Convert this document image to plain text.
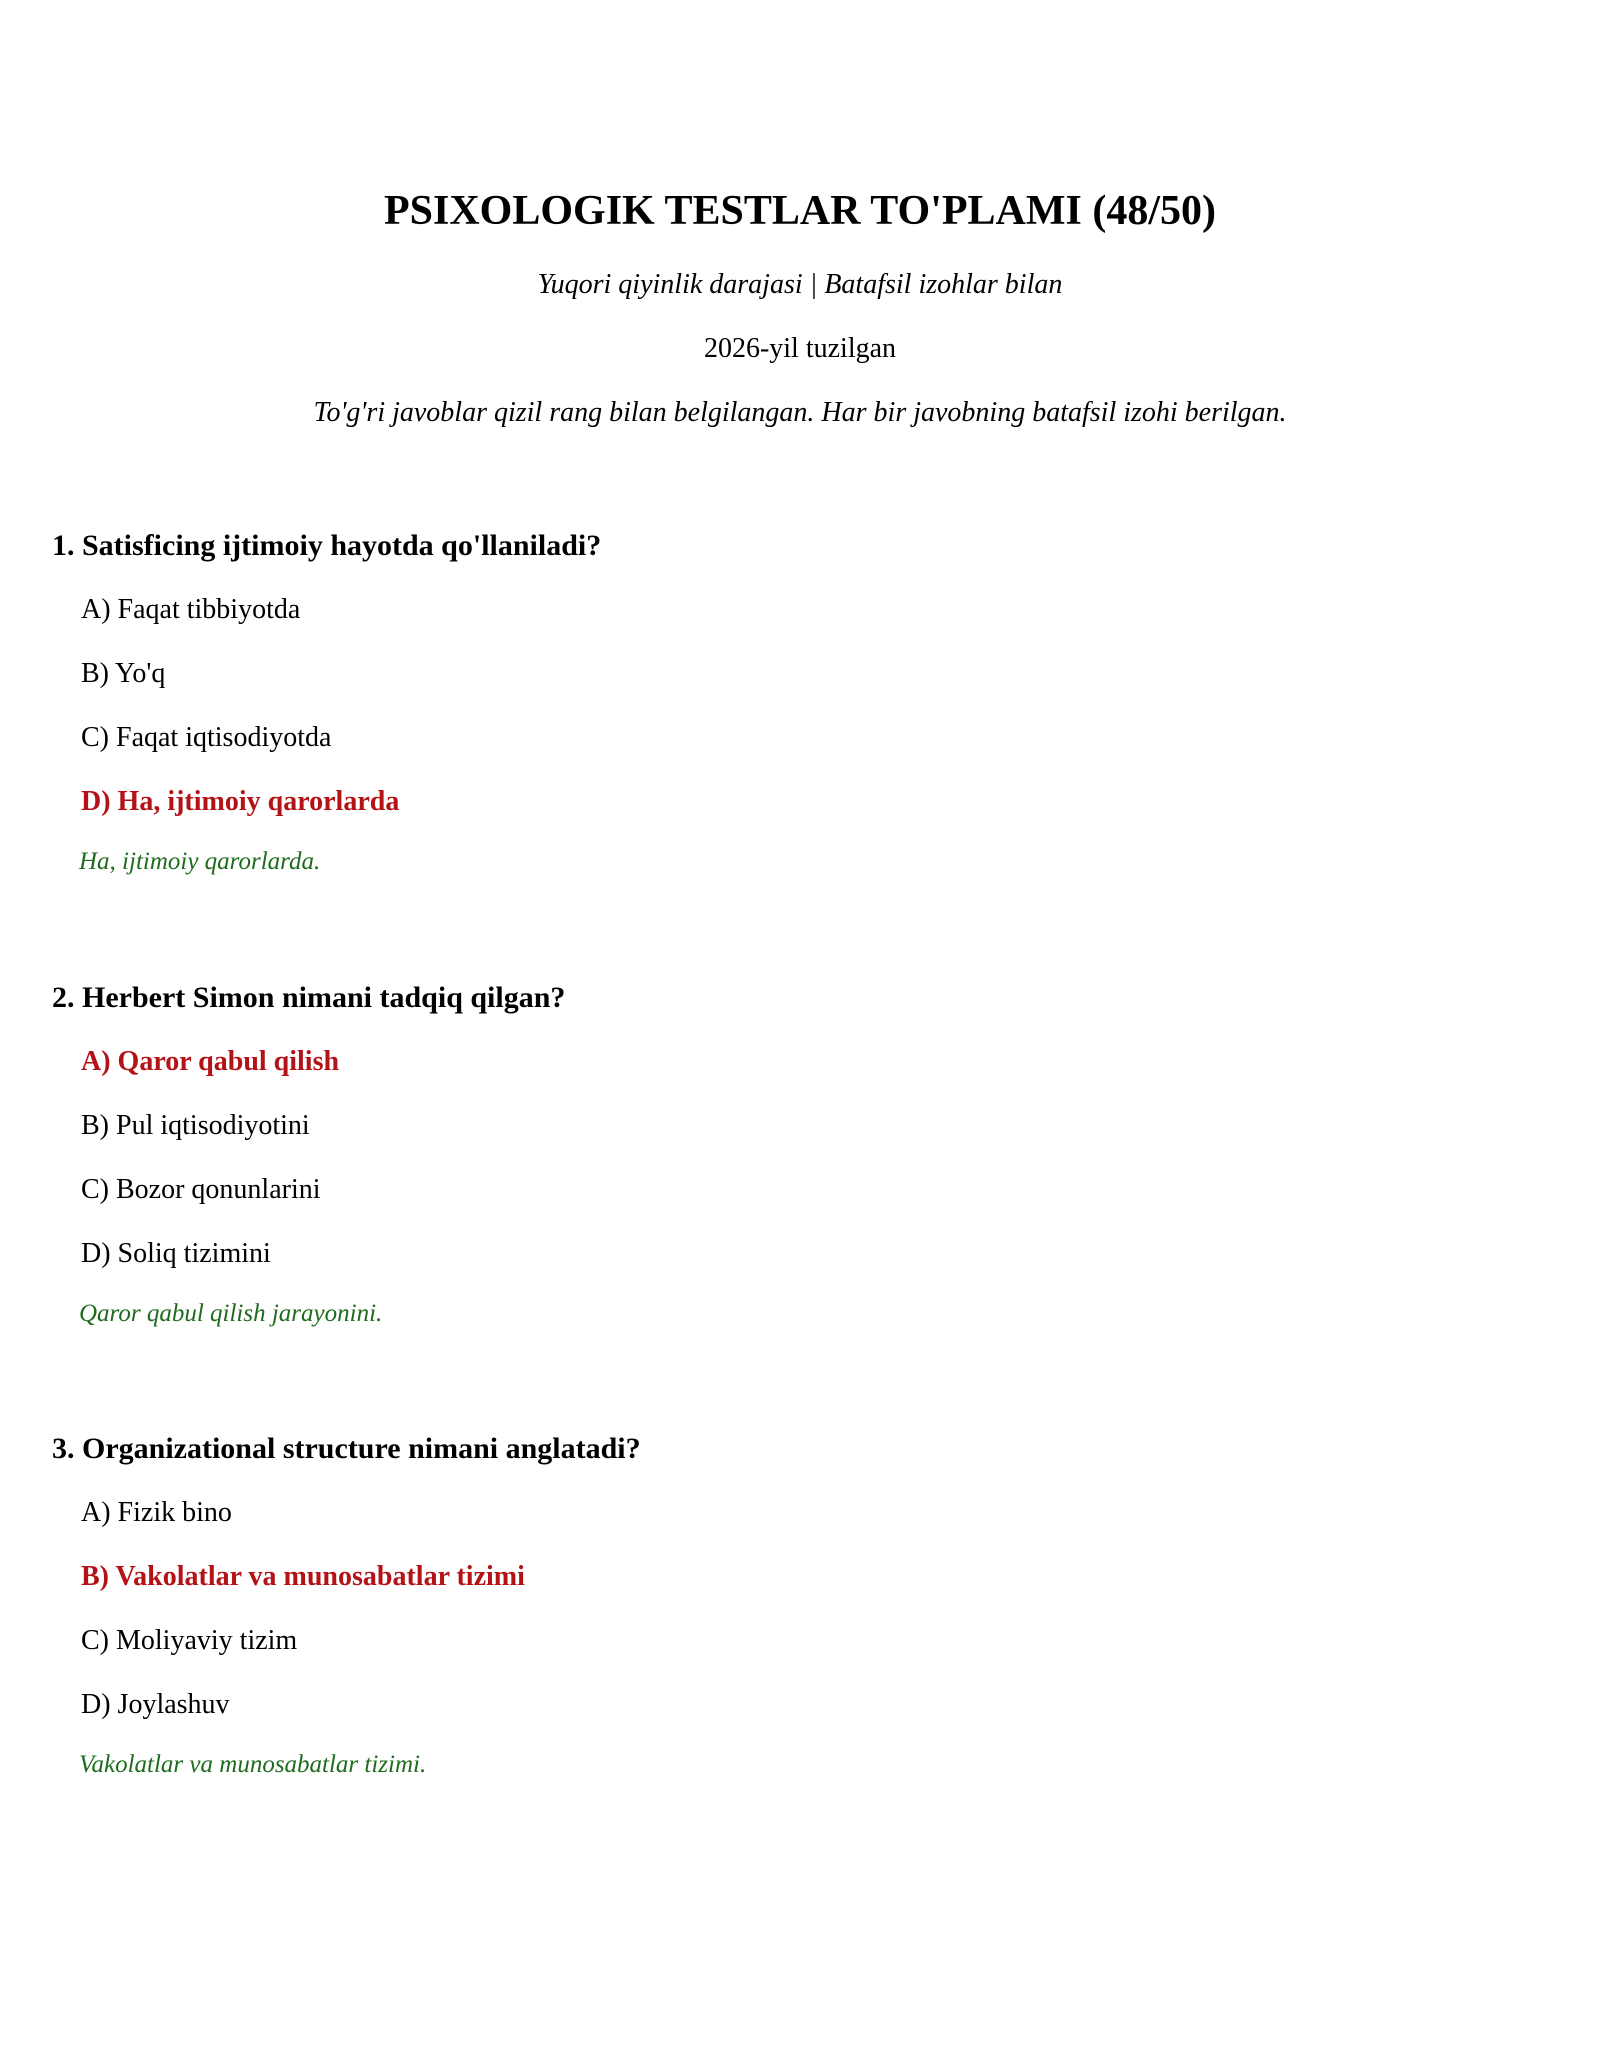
PSIXOLOGIK TESTLAR TO'PLAMI (48/50)
Yuqori qiyinlik darajasi | Batafsil izohlar bilan
2026-yil tuzilgan
To'g'ri javoblar qizil rang bilan belgilangan. Har bir javobning batafsil izohi berilgan.
1. Satisficing ijtimoiy hayotda qo'llaniladi?
A) Faqat tibbiyotda
B) Yo'q
C) Faqat iqtisodiyotda
D) Ha, ijtimoiy qarorlarda
Ha, ijtimoiy qarorlarda.
2. Herbert Simon nimani tadqiq qilgan?
A) Qaror qabul qilish
B) Pul iqtisodiyotini
C) Bozor qonunlarini
D) Soliq tizimini
Qaror qabul qilish jarayonini.
3. Organizational structure nimani anglatadi?
A) Fizik bino
B) Vakolatlar va munosabatlar tizimi
C) Moliyaviy tizim
D) Joylashuv
Vakolatlar va munosabatlar tizimi.
